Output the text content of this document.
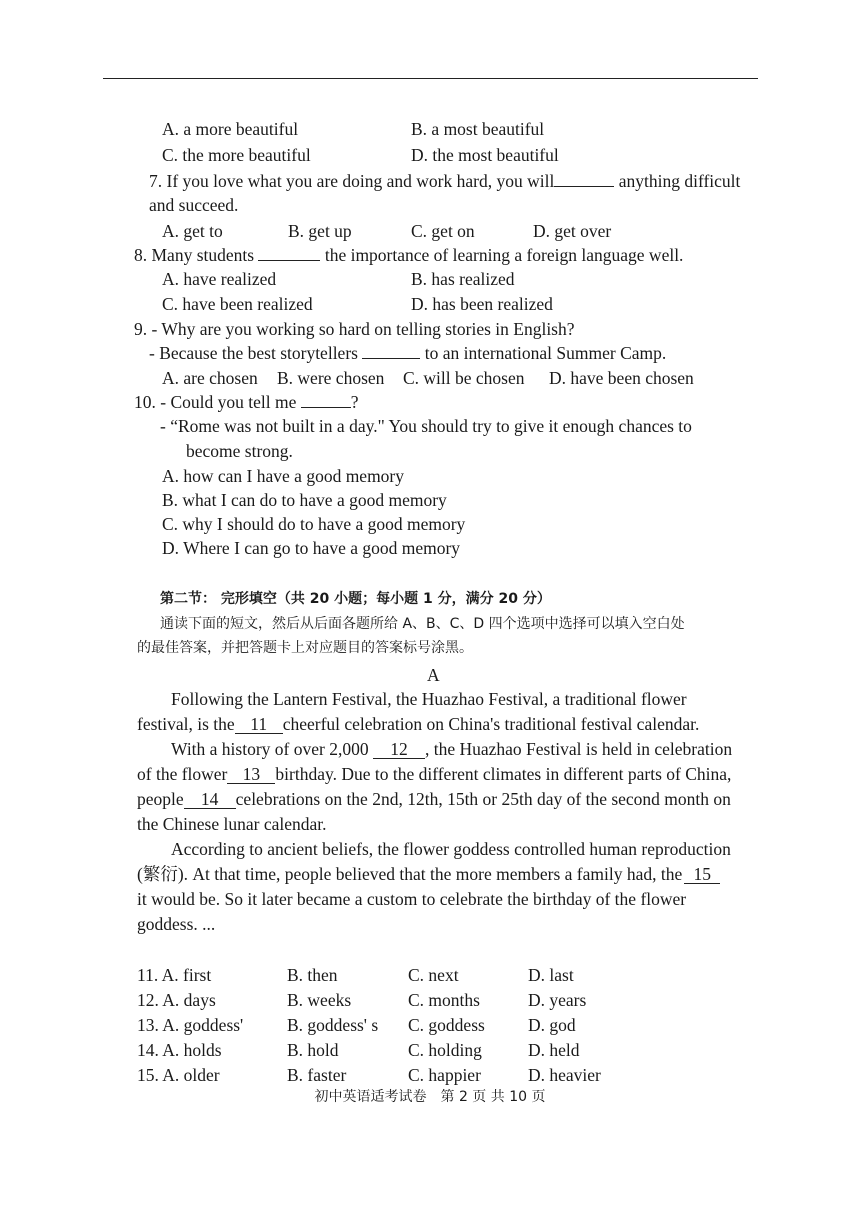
A. a more beautiful	B. a most beautiful
C. the more beautiful	D. the most beautiful
7. If you love what you are doing and work hard, you will	anything difficult
and succeed.
A. get to	B. get up	C. get on	D. get over
8. Many students	the importance of learning a foreign language well.
A. have realized	B. has realized
C. have been realized	D. has been realized
9. - Why are you working so hard on telling stories in English?
- Because the best storytellers	to an international Summer Camp.
A. are chosen B. were chosen C. will be chosen D. have been chosen
10. - Could you tell me	?
- “Rome was not built in a day." You should try to give it enough chances to
become strong.
A. how can I have a good memory
B. what I can do to have a good memory
C. why I should do to have a good memory
D. Where I can go to have a good memory
第二节： 完形填空（共 20 小题；每小题 1 分，满分 20 分）
通读下面的短文，然后从后面各题所给 A、B、C、D 四个选项中选择可以填入空白处
的最佳答案，并把答题卡上对应题目的答案标号涂黑。
A
Following the Lantern Festival, the Huazhao Festival, a traditional flower
festival, is the 11 cheerful celebration on China's traditional festival calendar.
With a history of over 2,000 12 , the Huazhao Festival is held in celebration
of the flower 13 birthday. Due to the different climates in different parts of China,
people 14 celebrations on the 2nd, 12th, 15th or 25th day of the second month on
the Chinese lunar calendar.
According to ancient beliefs, the flower goddess controlled human reproduction
(繁衍). At that time, people believed that the more members a family had, the 15
it would be. So it later became a custom to celebrate the birthday of the flower
goddess. ...
11. A. first	B. then	C. next	D. last
12. A. days	B. weeks	C. months	D. years
13. A. goddess'	B. goddess' s C. goddess D. god
14. A. holds	B. hold	C. holding	D. held
15. A. older	B. faster	C. happier	D. heavier
初中英语适考试卷　第 2 页 共 10 页
